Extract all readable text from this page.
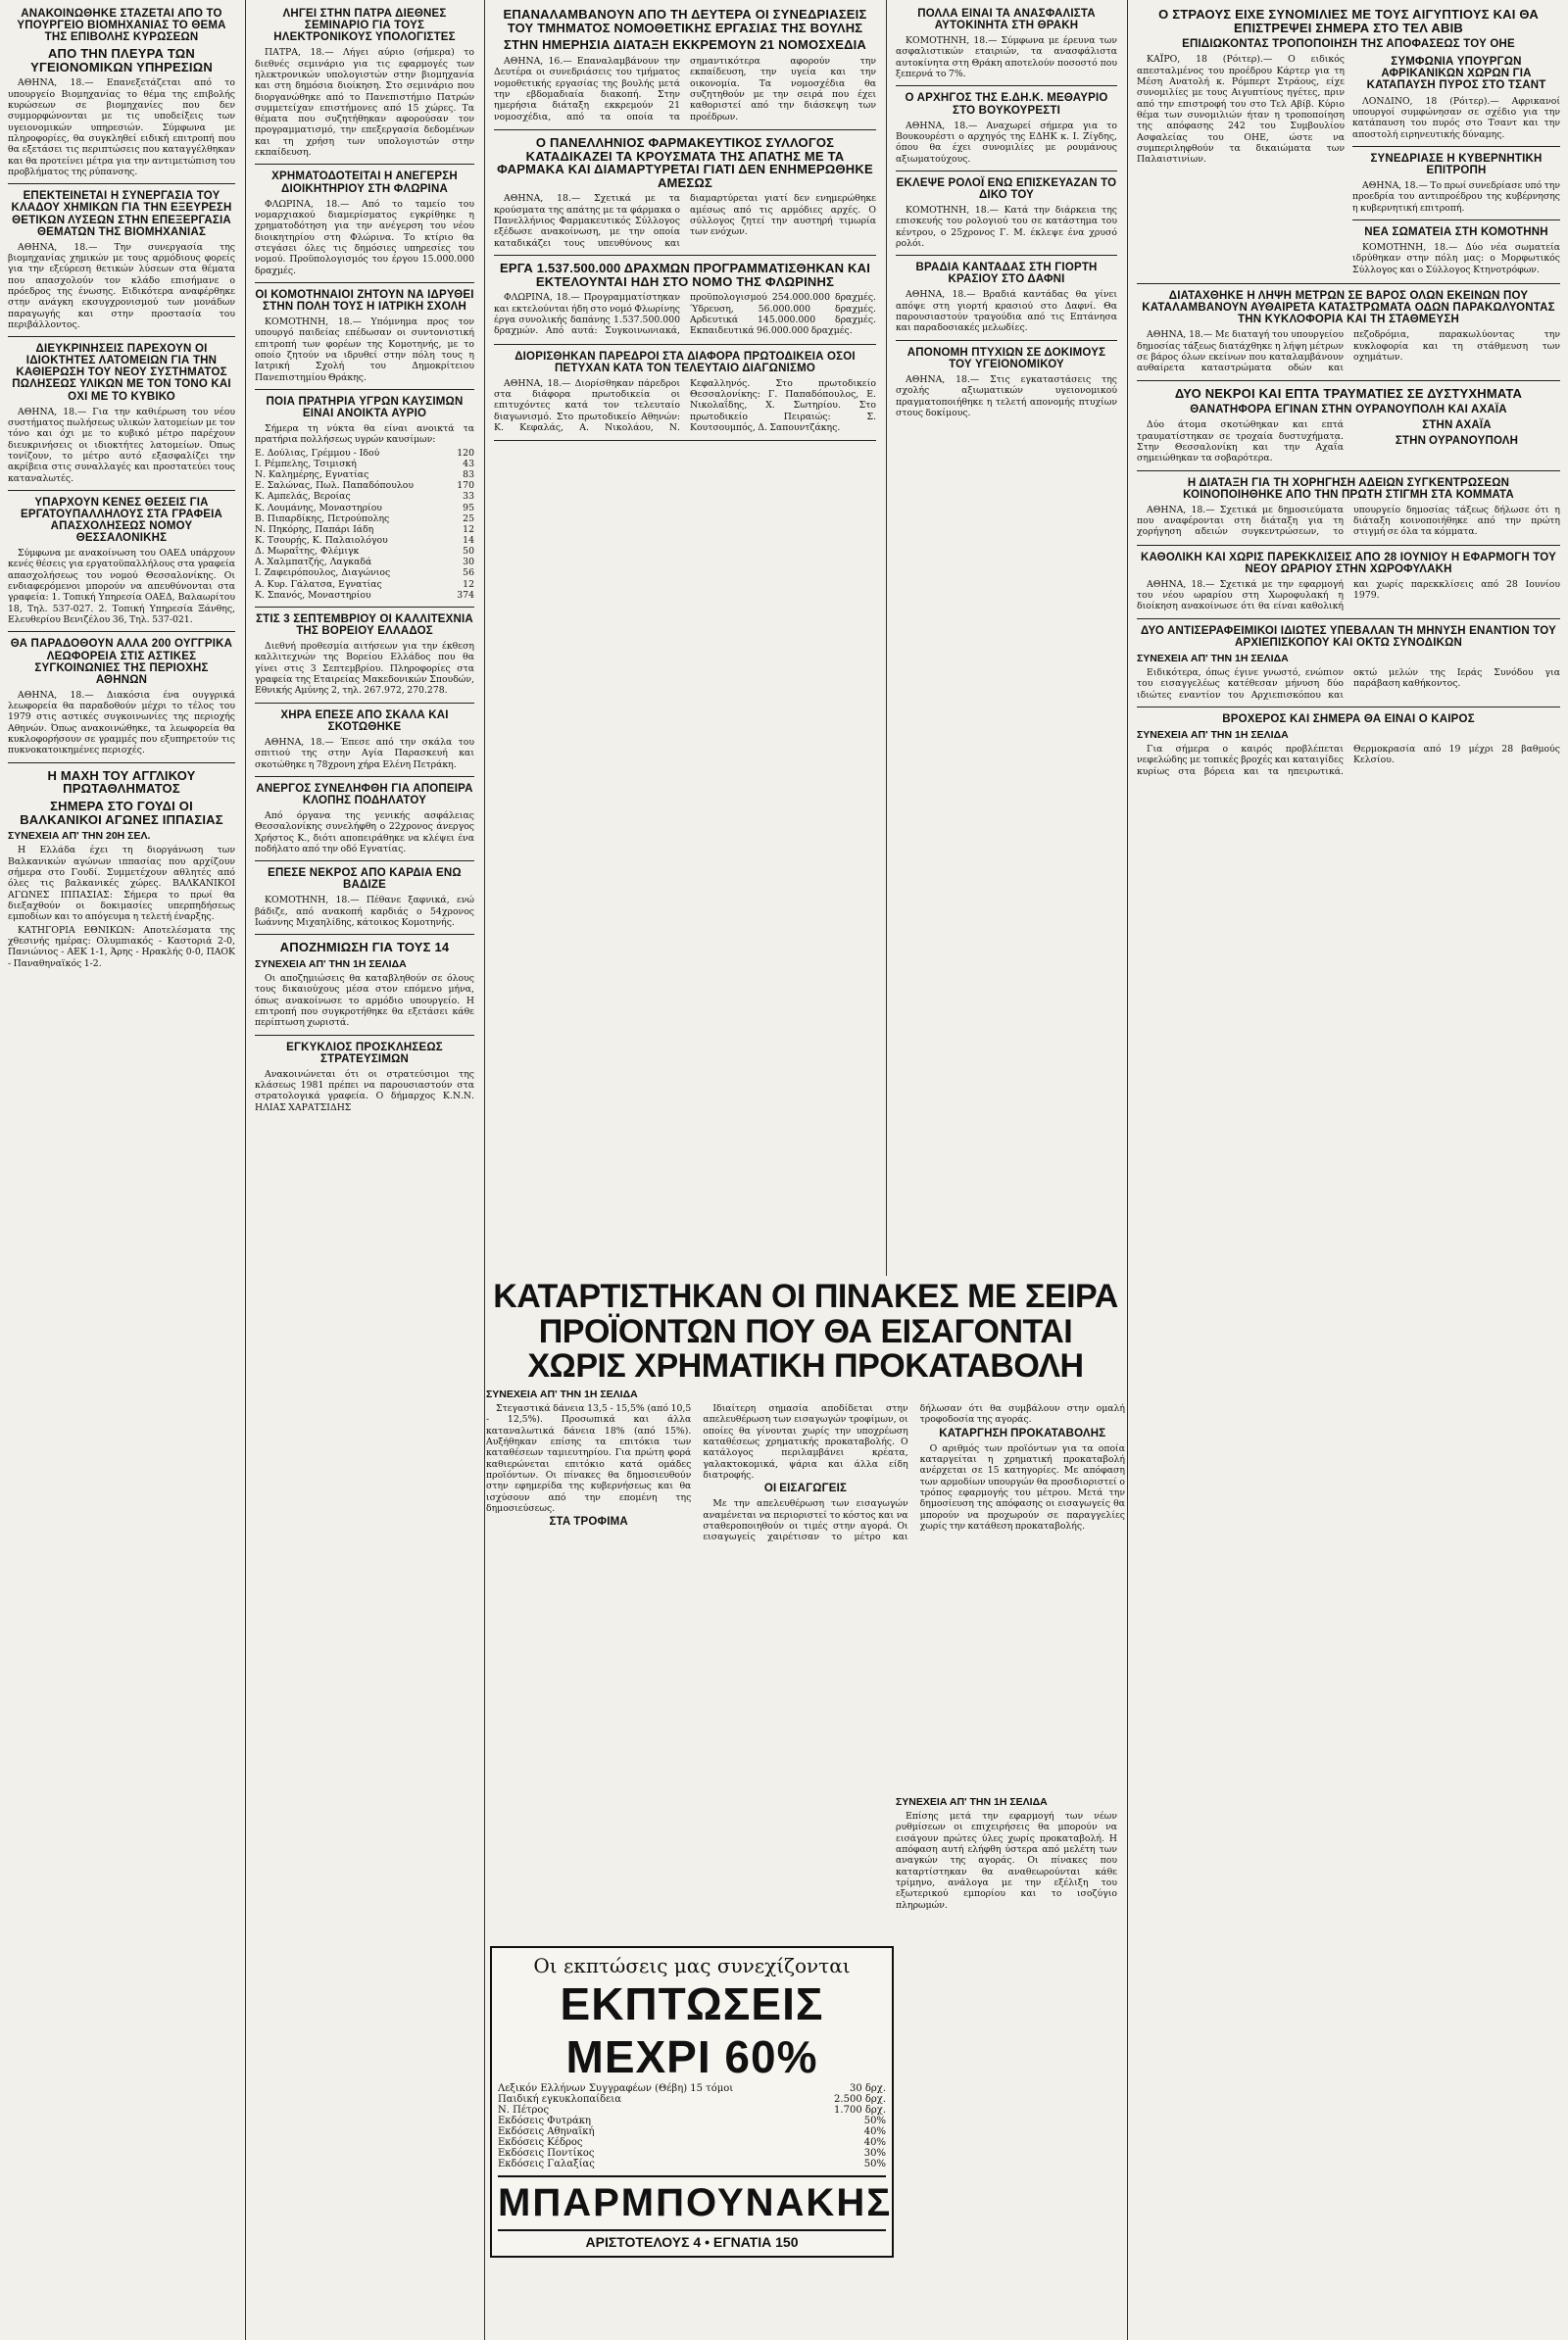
ΑΝΑΚΟΙΝΩΘΗΚΕ ΣΤΑΖΕΤΑΙ ΑΠΟ ΤΟ ΥΠΟΥΡΓΕΙΟ ΒΙΟΜΗΧΑΝΙΑΣ ΤΟ ΘΕΜΑ ΤΗΣ ΕΠΙΒΟΛΗΣ ΚΥΡΩΣΕΩΝ
ΑΠΟ ΤΗΝ ΠΛΕΥΡΑ ΤΩΝ ΥΓΕΙΟΝΟΜΙΚΩΝ ΥΠΗΡΕΣΙΩΝ

ΑΘΗΝΑ, 18.— Επανεξετάζεται από το υπουργείο Βιομηχανίας το θέμα της επιβολής κυρώσεων σε βιομηχανίες που δεν συμμορφώνονται με τις υποδείξεις των υγειονομικών υπηρεσιών. Σύμφωνα με πληροφορίες, θα συγκληθεί ειδική επιτροπή που θα εξετάσει τις περιπτώσεις που καταγγέλθηκαν και θα προτείνει μέτρα για την αντιμετώπιση του προβλήματος της ρύπανσης.

ΕΠΕΚΤΕΙΝΕΤΑΙ Η ΣΥΝΕΡΓΑΣΙΑ ΤΟΥ ΚΛΑΔΟΥ ΧΗΜΙΚΩΝ ΓΙΑ ΤΗΝ ΕΞΕΥΡΕΣΗ ΘΕΤΙΚΩΝ ΛΥΣΕΩΝ ΣΤΗΝ ΕΠΕΞΕΡΓΑΣΙΑ ΘΕΜΑΤΩΝ ΤΗΣ ΒΙΟΜΗΧΑΝΙΑΣ

ΑΘΗΝΑ, 18.— Την συνεργασία της βιομηχανίας χημικών με τους αρμόδιους φορείς για την εξεύρεση θετικών λύσεων στα θέματα που απασχολούν τον κλάδο επισήμανε ο πρόεδρος της ένωσης. Ειδικότερα αναφέρθηκε στην ανάγκη εκσυγχρονισμού των μονάδων παραγωγής και στην προστασία του περιβάλλοντος.

ΔΙΕΥΚΡΙΝΗΣΕΙΣ ΠΑΡΕΧΟΥΝ ΟΙ ΙΔΙΟΚΤΗΤΕΣ ΛΑΤΟΜΕΙΩΝ ΓΙΑ ΤΗΝ ΚΑΘΙΕΡΩΣΗ ΤΟΥ ΝΕΟΥ ΣΥΣΤΗΜΑΤΟΣ ΠΩΛΗΣΕΩΣ ΥΛΙΚΩΝ ΜΕ ΤΟΝ ΤΟΝΟ ΚΑΙ ΟΧΙ ΜΕ ΤΟ ΚΥΒΙΚΟ

ΑΘΗΝΑ, 18.— Για την καθιέρωση του νέου συστήματος πωλήσεως υλικών λατομείων με τον τόνο και όχι με το κυβικό μέτρο παρέχουν διευκρινήσεις οι ιδιοκτήτες λατομείων. Όπως τονίζουν, το μέτρο αυτό εξασφαλίζει την ακρίβεια στις συναλλαγές και προστατεύει τους καταναλωτές.

ΥΠΑΡΧΟΥΝ ΚΕΝΕΣ ΘΕΣΕΙΣ ΓΙΑ ΕΡΓΑΤΟΥΠΑΛΛΗΛΟΥΣ ΣΤΑ ΓΡΑΦΕΙΑ ΑΠΑΣΧΟΛΗΣΕΩΣ ΝΟΜΟΥ ΘΕΣΣΑΛΟΝΙΚΗΣ

Σύμφωνα με ανακοίνωση του ΟΑΕΔ υπάρχουν κενές θέσεις για εργατοϋπαλλήλους στα γραφεία απασχολήσεως του νομού Θεσσαλονίκης. Οι ενδιαφερόμενοι μπορούν να απευθύνονται στα γραφεία: 1. Τοπική Υπηρεσία ΟΑΕΔ, Βαλαωρίτου 18, Τηλ. 537-027. 2. Τοπική Υπηρεσία Ξάνθης, Ελευθερίου Βενιζέλου 36, Τηλ. 537-021.

ΘΑ ΠΑΡΑΔΟΘΟΥΝ ΑΛΛΑ 200 ΟΥΓΓΡΙΚΑ ΛΕΩΦΟΡΕΙΑ ΣΤΙΣ ΑΣΤΙΚΕΣ ΣΥΓΚΟΙΝΩΝΙΕΣ ΤΗΣ ΠΕΡΙΟΧΗΣ ΑΘΗΝΩΝ

ΑΘΗΝΑ, 18.— Διακόσια ένα ουγγρικά λεωφορεία θα παραδοθούν μέχρι το τέλος του 1979 στις αστικές συγκοινωνίες της περιοχής Αθηνών. Όπως ανακοινώθηκε, τα λεωφορεία θα κυκλοφορήσουν σε γραμμές που εξυπηρετούν τις πυκνοκατοικημένες περιοχές.

Η ΜΑΧΗ ΤΟΥ ΑΓΓΛΙΚΟΥ ΠΡΩΤΑΘΛΗΜΑΤΟΣ
ΣΗΜΕΡΑ ΣΤΟ ΓΟΥΔΙ ΟΙ ΒΑΛΚΑΝΙΚΟΙ ΑΓΩΝΕΣ ΙΠΠΑΣΙΑΣ
ΣΥΝΕΧΕΙΑ ΑΠ' ΤΗΝ 20Η ΣΕΛ.

Η Ελλάδα έχει τη διοργάνωση των Βαλκανικών αγώνων ιππασίας που αρχίζουν σήμερα στο Γουδί. Συμμετέχουν αθλητές από όλες τις βαλκανικές χώρες. ΒΑΛΚΑΝΙΚΟΙ ΑΓΩΝΕΣ ΙΠΠΑΣΙΑΣ: Σήμερα το πρωί θα διεξαχθούν οι δοκιμασίες υπερπηδήσεως εμποδίων και το απόγευμα η τελετή έναρξης.

ΚΑΤΗΓΟΡΙΑ ΕΘΝΙΚΩΝ: Αποτελέσματα της χθεσινής ημέρας: Ολυμπιακός - Καστοριά 2-0, Πανιώνιος - ΑΕΚ 1-1, Άρης - Ηρακλής 0-0, ΠΑΟΚ - Παναθηναϊκός 1-2.

ΛΗΓΕΙ ΣΤΗΝ ΠΑΤΡΑ ΔΙΕΘΝΕΣ ΣΕΜΙΝΑΡΙΟ ΓΙΑ ΤΟΥΣ ΗΛΕΚΤΡΟΝΙΚΟΥΣ ΥΠΟΛΟΓΙΣΤΕΣ

ΠΑΤΡΑ, 18.— Λήγει αύριο (σήμερα) το διεθνές σεμινάριο για τις εφαρμογές των ηλεκτρονικών υπολογιστών στην βιομηχανία και στη δημόσια διοίκηση. Στο σεμινάριο που διοργανώθηκε από το Πανεπιστήμιο Πατρών συμμετείχαν επιστήμονες από 15 χώρες. Τα θέματα που συζητήθηκαν αφορούσαν τον προγραμματισμό, την επεξεργασία δεδομένων και τη χρήση των υπολογιστών στην εκπαίδευση.

ΧΡΗΜΑΤΟΔΟΤΕΙΤΑΙ Η ΑΝΕΓΕΡΣΗ ΔΙΟΙΚΗΤΗΡΙΟΥ ΣΤΗ ΦΛΩΡΙΝΑ

ΦΛΩΡΙΝΑ, 18.— Από το ταμείο του νομαρχιακού διαμερίσματος εγκρίθηκε η χρηματοδότηση για την ανέγερση του νέου διοικητηρίου στη Φλώρινα. Το κτίριο θα στεγάσει όλες τις δημόσιες υπηρεσίες του νομού. Προϋπολογισμός του έργου 15.000.000 δραχμές.

ΟΙ ΚΟΜΟΤΗΝΑΙΟΙ ΖΗΤΟΥΝ ΝΑ ΙΔΡΥΘΕΙ ΣΤΗΝ ΠΟΛΗ ΤΟΥΣ Η ΙΑΤΡΙΚΗ ΣΧΟΛΗ

ΚΟΜΟΤΗΝΗ, 18.— Υπόμνημα προς τον υπουργό παιδείας επέδωσαν οι συντονιστική επιτροπή των φορέων της Κομοτηνής, με το οποίο ζητούν να ιδρυθεί στην πόλη τους η Ιατρική Σχολή του Δημοκρίτειου Πανεπιστημίου Θράκης.

ΠΟΙΑ ΠΡΑΤΗΡΙΑ ΥΓΡΩΝ ΚΑΥΣΙΜΩΝ ΕΙΝΑΙ ΑΝΟΙΚΤΑ ΑΥΡΙΟ

Σήμερα τη νύκτα θα είναι ανοικτά τα πρατήρια πολλήσεως υγρών καυσίμων:

Ε. Δούλιας, Γρέμμου - Ιδού	120
Ι. Ρέμπελης, Τσιμισκή	43
Ν. Καλημέρης, Εγνατίας	83
Ε. Σαλώνας, Πωλ. Παπαδόπουλου	170
Κ. Αμπελάς, Βεροίας	33
Κ. Λουμάνης, Μοναστηρίου	95
Β. Πιπαρδίκης, Πετρούπολης	25
Ν. Πηκόρης, Παπάρι Ιάδη	12
Κ. Τσουρής, Κ. Παλαιολόγου	14
Δ. Μωραΐτης, Φλέμιγκ	50
Α. Χαλμπατζής, Λαγκαδά	30
Ι. Ζαφειρόπουλος, Διαγώνιος	56
Α. Κυρ. Γάλατσα, Εγνατίας	12
Κ. Σπανός, Μοναστηρίου	374
ΣΤΙΣ 3 ΣΕΠΤΕΜΒΡΙΟΥ ΟΙ ΚΑΛΛΙΤΕΧΝΙΑ ΤΗΣ ΒΟΡΕΙΟΥ ΕΛΛΑΔΟΣ

Διεθνή προθεσμία αιτήσεων για την έκθεση καλλιτεχνών της Βορείου Ελλάδος που θα γίνει στις 3 Σεπτεμβρίου. Πληροφορίες στα γραφεία της Εταιρείας Μακεδονικών Σπουδών, Εθνικής Αμύνης 2, τηλ. 267.972, 270.278.

ΧΗΡΑ ΕΠΕΣΕ ΑΠΟ ΣΚΑΛΑ ΚΑΙ ΣΚΟΤΩΘΗΚΕ

ΑΘΗΝΑ, 18.— Έπεσε από την σκάλα του σπιτιού της στην Αγία Παρασκευή και σκοτώθηκε η 78χρονη χήρα Ελένη Πετράκη.

ΑΝΕΡΓΟΣ ΣΥΝΕΛΗΦΘΗ ΓΙΑ ΑΠΟΠΕΙΡΑ ΚΛΟΠΗΣ ΠΟΔΗΛΑΤΟΥ

Από όργανα της γενικής ασφάλειας Θεσσαλονίκης συνελήφθη ο 22χρονος άνεργος Χρήστος Κ., διότι αποπειράθηκε να κλέψει ένα ποδήλατο από την οδό Εγνατίας.

ΕΠΕΣΕ ΝΕΚΡΟΣ ΑΠΟ ΚΑΡΔΙΑ ΕΝΩ ΒΑΔΙΖΕ

ΚΟΜΟΤΗΝΗ, 18.— Πέθανε ξαφνικά, ενώ βάδιζε, από ανακοπή καρδιάς ο 54χρονος Ιωάννης Μιχαηλίδης, κάτοικος Κομοτηνής.

ΑΠΟΖΗΜΙΩΣΗ ΓΙΑ ΤΟΥΣ 14
ΣΥΝΕΧΕΙΑ ΑΠ' ΤΗΝ 1Η ΣΕΛΙΔΑ

Οι αποζημιώσεις θα καταβληθούν σε όλους τους δικαιούχους μέσα στον επόμενο μήνα, όπως ανακοίνωσε το αρμόδιο υπουργείο. Η επιτροπή που συγκροτήθηκε θα εξετάσει κάθε περίπτωση χωριστά.

ΕΓΚΥΚΛΙΟΣ ΠΡΟΣΚΛΗΣΕΩΣ ΣΤΡΑΤΕΥΣΙΜΩΝ

Ανακοινώνεται ότι οι στρατεύσιμοι της κλάσεως 1981 πρέπει να παρουσιαστούν στα στρατολογικά γραφεία. Ο δήμαρχος Κ.Ν.Ν. ΗΛΙΑΣ ΧΑΡΑΤΣΙΔΗΣ

ΕΠΑΝΑΛΑΜΒΑΝΟΥΝ ΑΠΟ ΤΗ ΔΕΥΤΕΡΑ ΟΙ ΣΥΝΕΔΡΙΑΣΕΙΣ ΤΟΥ ΤΜΗΜΑΤΟΣ ΝΟΜΟΘΕΤΙΚΗΣ ΕΡΓΑΣΙΑΣ ΤΗΣ ΒΟΥΛΗΣ
ΣΤΗΝ ΗΜΕΡΗΣΙΑ ΔΙΑΤΑΞΗ ΕΚΚΡΕΜΟΥΝ 21 ΝΟΜΟΣΧΕΔΙΑ

ΑΘΗΝΑ, 16.— Επαναλαμβάνουν την Δευτέρα οι συνεδριάσεις του τμήματος νομοθετικής εργασίας της βουλής μετά την εβδομαδιαία διακοπή. Στην ημερήσια διάταξη εκκρεμούν 21 νομοσχέδια, από τα οποία τα σημαντικότερα αφορούν την εκπαίδευση, την υγεία και την οικονομία. Τα νομοσχέδια θα συζητηθούν με την σειρά που έχει καθοριστεί από την διάσκεψη των προέδρων.

Ο ΠΑΝΕΛΛΗΝΙΟΣ ΦΑΡΜΑΚΕΥΤΙΚΟΣ ΣΥΛΛΟΓΟΣ ΚΑΤΑΔΙΚΑΖΕΙ ΤΑ ΚΡΟΥΣΜΑΤΑ ΤΗΣ ΑΠΑΤΗΣ ΜΕ ΤΑ ΦΑΡΜΑΚΑ ΚΑΙ ΔΙΑΜΑΡΤΥΡΕΤΑΙ ΓΙΑΤΙ ΔΕΝ ΕΝΗΜΕΡΩΘΗΚΕ ΑΜΕΣΩΣ

ΑΘΗΝΑ, 18.— Σχετικά με τα κρούσματα της απάτης με τα φάρμακα ο Πανελλήνιος Φαρμακευτικός Σύλλογος εξέδωσε ανακοίνωση, με την οποία καταδικάζει τους υπευθύνους και διαμαρτύρεται γιατί δεν ενημερώθηκε αμέσως από τις αρμόδιες αρχές. Ο σύλλογος ζητεί την αυστηρή τιμωρία των ενόχων.

ΕΡΓΑ 1.537.500.000 ΔΡΑΧΜΩΝ ΠΡΟΓΡΑΜΜΑΤΙΣΘΗΚΑΝ ΚΑΙ ΕΚΤΕΛΟΥΝΤΑΙ ΗΔΗ ΣΤΟ ΝΟΜΟ ΤΗΣ ΦΛΩΡΙΝΗΣ

ΦΛΩΡΙΝΑ, 18.— Προγραμματίστηκαν και εκτελούνται ήδη στο νομό Φλωρίνης έργα συνολικής δαπάνης 1.537.500.000 δραχμών. Από αυτά: Συγκοινωνιακά, προϋπολογισμού 254.000.000 δραχμές. Ύδρευση, 56.000.000 δραχμές. Αρδευτικά 145.000.000 δραχμές. Εκπαιδευτικά 96.000.000 δραχμές.

ΔΙΟΡΙΣΘΗΚΑΝ ΠΑΡΕΔΡΟΙ ΣΤΑ ΔΙΑΦΟΡΑ ΠΡΩΤΟΔΙΚΕΙΑ ΟΣΟΙ ΠΕΤΥΧΑΝ ΚΑΤΑ ΤΟΝ ΤΕΛΕΥΤΑΙΟ ΔΙΑΓΩΝΙΣΜΟ

ΑΘΗΝΑ, 18.— Διορίσθηκαν πάρεδροι στα διάφορα πρωτοδικεία οι επιτυχόντες κατά τον τελευταίο διαγωνισμό. Στο πρωτοδικείο Αθηνών: Κ. Κεφαλάς, Α. Νικολάου, Ν. Κεφαλληνός. Στο πρωτοδικείο Θεσσαλονίκης: Γ. Παπαδόπουλος, Ε. Νικολαΐδης, Χ. Σωτηρίου. Στο πρωτοδικείο Πειραιώς: Σ. Κουτσουμπός, Δ. Σαπουντζάκης.

ΚΑΤΑΡΤΙΣΤΗΚΑΝ ΟΙ ΠΙΝΑΚΕΣ ΜΕ ΣΕΙΡΑ ΠΡΟΪΟΝΤΩΝ ΠΟΥ ΘΑ ΕΙΣΑΓΟΝΤΑΙ ΧΩΡΙΣ ΧΡΗΜΑΤΙΚΗ ΠΡΟΚΑΤΑΒΟΛΗ
ΣΥΝΕΧΕΙΑ ΑΠ' ΤΗΝ 1Η ΣΕΛΙΔΑ

Στεγαστικά δάνεια 13,5 - 15,5% (από 10,5 - 12,5%). Προσωπικά και άλλα καταναλωτικά δάνεια 18% (από 15%). Αυξήθηκαν επίσης τα επιτόκια των καταθέσεων ταμιευτηρίου. Για πρώτη φορά καθιερώνεται επιτόκιο κατά ομάδες προϊόντων. Οι πίνακες θα δημοσιευθούν στην εφημερίδα της κυβερνήσεως και θα ισχύσουν από την επομένη της δημοσιεύσεως.

ΣΤΑ ΤΡΟΦΙΜΑ

Ιδιαίτερη σημασία αποδίδεται στην απελευθέρωση των εισαγωγών τροφίμων, οι οποίες θα γίνονται χωρίς την υποχρέωση καταθέσεως χρηματικής προκαταβολής. Ο κατάλογος περιλαμβάνει κρέατα, γαλακτοκομικά, ψάρια και άλλα είδη διατροφής.

ΟΙ ΕΙΣΑΓΩΓΕΙΣ

Με την απελευθέρωση των εισαγωγών αναμένεται να περιοριστεί το κόστος και να σταθεροποιηθούν οι τιμές στην αγορά. Οι εισαγωγείς χαιρέτισαν το μέτρο και δήλωσαν ότι θα συμβάλουν στην ομαλή τροφοδοσία της αγοράς.

ΚΑΤΑΡΓΗΣΗ ΠΡΟΚΑΤΑΒΟΛΗΣ

Ο αριθμός των προϊόντων για τα οποία καταργείται η χρηματική προκαταβολή ανέρχεται σε 15 κατηγορίες. Με απόφαση των αρμοδίων υπουργών θα προσδιοριστεί ο τρόπος εφαρμογής του μέτρου. Μετά την δημοσίευση της απόφασης οι εισαγωγείς θα μπορούν να προχωρούν σε παραγγελίες χωρίς την κατάθεση προκαταβολής.

Οι εκπτώσεις μας συνεχίζονται
ΕΚΠΤΩΣΕΙΣ ΜΕΧΡΙ 60%
Λεξικόν Ελλήνων Συγγραφέων (Θέβη) 15 τόμοι	30 δρχ.
Παιδική εγκυκλοπαίδεια	2.500 δρχ.
Ν. Πέτρος	1.700 δρχ.
Εκδόσεις Φυτράκη	50%
Εκδόσεις Αθηναϊκή	40%
Εκδόσεις Κέδρος	40%
Εκδόσεις Ποντίκος	30%
Εκδόσεις Γαλαξίας	50%
ΜΠΑΡΜΠΟΥΝΑΚΗΣ
ΑΡΙΣΤΟΤΕΛΟΥΣ 4 • ΕΓΝΑΤΙΑ 150
ΠΟΛΛΑ ΕΙΝΑΙ ΤΑ ΑΝΑΣΦΑΛΙΣΤΑ ΑΥΤΟΚΙΝΗΤΑ ΣΤΗ ΘΡΑΚΗ

ΚΟΜΟΤΗΝΗ, 18.— Σύμφωνα με έρευνα των ασφαλιστικών εταιριών, τα ανασφάλιστα αυτοκίνητα στη Θράκη αποτελούν ποσοστό που ξεπερνά το 7%.

Ο ΑΡΧΗΓΟΣ ΤΗΣ Ε.ΔΗ.Κ. ΜΕΘΑΥΡΙΟ ΣΤΟ ΒΟΥΚΟΥΡΕΣΤΙ

ΑΘΗΝΑ, 18.— Αναχωρεί σήμερα για το Βουκουρέστι ο αρχηγός της ΕΔΗΚ κ. Ι. Ζίγδης, όπου θα έχει συνομιλίες με ρουμάνους αξιωματούχους.

ΕΚΛΕΨΕ ΡΟΛΟΪ ΕΝΩ ΕΠΙΣΚΕΥΑΖΑΝ ΤΟ ΔΙΚΟ ΤΟΥ

ΚΟΜΟΤΗΝΗ, 18.— Κατά την διάρκεια της επισκευής του ρολογιού του σε κατάστημα του κέντρου, ο 25χρονος Γ. Μ. έκλεψε ένα χρυσό ρολόι.

ΒΡΑΔΙΑ ΚΑΝΤΑΔΑΣ ΣΤΗ ΓΙΟΡΤΗ ΚΡΑΣΙΟΥ ΣΤΟ ΔΑΦΝΙ

ΑΘΗΝΑ, 18.— Βραδιά καντάδας θα γίνει απόψε στη γιορτή κρασιού στο Δαφνί. Θα παρουσιαστούν τραγούδια από τις Επτάνησα και παραδοσιακές μελωδίες.

ΑΠΟΝΟΜΗ ΠΤΥΧΙΩΝ ΣΕ ΔΟΚΙΜΟΥΣ ΤΟΥ ΥΓΕΙΟΝΟΜΙΚΟΥ

ΑΘΗΝΑ, 18.— Στις εγκαταστάσεις της σχολής αξιωματικών υγειονομικού πραγματοποιήθηκε η τελετή απονομής πτυχίων στους δοκίμους.

ΣΥΝΕΧΕΙΑ ΑΠ' ΤΗΝ 1Η ΣΕΛΙΔΑ

Επίσης μετά την εφαρμογή των νέων ρυθμίσεων οι επιχειρήσεις θα μπορούν να εισάγουν πρώτες ύλες χωρίς προκαταβολή. Η απόφαση αυτή ελήφθη ύστερα από μελέτη των αναγκών της αγοράς. Οι πίνακες που καταρτίστηκαν θα αναθεωρούνται κάθε τρίμηνο, ανάλογα με την εξέλιξη του εξωτερικού εμπορίου και το ισοζύγιο πληρωμών.

Ο ΣΤΡΑΟΥΣ ΕΙΧΕ ΣΥΝΟΜΙΛΙΕΣ ΜΕ ΤΟΥΣ ΑΙΓΥΠΤΙΟΥΣ ΚΑΙ ΘΑ ΕΠΙΣΤΡΕΨΕΙ ΣΗΜΕΡΑ ΣΤΟ ΤΕΛ ΑΒΙΒ
ΕΠΙΔΙΩΚΟΝΤΑΣ ΤΡΟΠΟΠΟΙΗΣΗ ΤΗΣ ΑΠΟΦΑΣΕΩΣ ΤΟΥ ΟΗΕ

ΚΑΪΡΟ, 18 (Ρόιτερ).— Ο ειδικός απεσταλμένος του προέδρου Κάρτερ για τη Μέση Ανατολή κ. Ρόμπερτ Στράους, είχε συνομιλίες με τους Αιγυπτίους ηγέτες, πριν από την επιστροφή του στο Τελ Αβίβ. Κύριο θέμα των συνομιλιών ήταν η τροποποίηση της απόφασης 242 του Συμβουλίου Ασφαλείας του ΟΗΕ, ώστε να συμπεριληφθούν τα δικαιώματα των Παλαιστινίων.

ΣΥΜΦΩΝΙΑ ΥΠΟΥΡΓΩΝ ΑΦΡΙΚΑΝΙΚΩΝ ΧΩΡΩΝ ΓΙΑ ΚΑΤΑΠΑΥΣΗ ΠΥΡΟΣ ΣΤΟ ΤΣΑΝΤ

ΛΟΝΔΙΝΟ, 18 (Ρόιτερ).— Αφρικανοί υπουργοί συμφώνησαν σε σχέδιο για την κατάπαυση του πυρός στο Τσαντ και την αποστολή ειρηνευτικής δύναμης.

ΣΥΝΕΔΡΙΑΣΕ Η ΚΥΒΕΡΝΗΤΙΚΗ ΕΠΙΤΡΟΠΗ

ΑΘΗΝΑ, 18.— Το πρωί συνεδρίασε υπό την προεδρία του αντιπροέδρου της κυβέρνησης η κυβερνητική επιτροπή.

ΝΕΑ ΣΩΜΑΤΕΙΑ ΣΤΗ ΚΟΜΟΤΗΝΗ

ΚΟΜΟΤΗΝΗ, 18.— Δύο νέα σωματεία ιδρύθηκαν στην πόλη μας: ο Μορφωτικός Σύλλογος και ο Σύλλογος Κτηνοτρόφων.

ΔΙΑΤΑΧΘΗΚΕ Η ΛΗΨΗ ΜΕΤΡΩΝ ΣΕ ΒΑΡΟΣ ΟΛΩΝ ΕΚΕΙΝΩΝ ΠΟΥ ΚΑΤΑΛΑΜΒΑΝΟΥΝ ΑΥΘΑΙΡΕΤΑ ΚΑΤΑΣΤΡΩΜΑΤΑ ΟΔΩΝ ΠΑΡΑΚΩΛΥΟΝΤΑΣ ΤΗΝ ΚΥΚΛΟΦΟΡΙΑ ΚΑΙ ΤΗ ΣΤΑΘΜΕΥΣΗ

ΑΘΗΝΑ, 18.— Με διαταγή του υπουργείου δημοσίας τάξεως διατάχθηκε η λήψη μέτρων σε βάρος όλων εκείνων που καταλαμβάνουν αυθαίρετα καταστρώματα οδών και πεζοδρόμια, παρακωλύοντας την κυκλοφορία και τη στάθμευση των οχημάτων.

ΔΥΟ ΝΕΚΡΟΙ ΚΑΙ ΕΠΤΑ ΤΡΑΥΜΑΤΙΕΣ ΣΕ ΔΥΣΤΥΧΗΜΑΤΑ
ΘΑΝΑΤΗΦΟΡΑ ΕΓΙΝΑΝ ΣΤΗΝ ΟΥΡΑΝΟΥΠΟΛΗ ΚΑΙ ΑΧΑΪΑ

Δύο άτομα σκοτώθηκαν και επτά τραυματίστηκαν σε τροχαία δυστυχήματα. Στην Θεσσαλονίκη και την Αχαΐα σημειώθηκαν τα σοβαρότερα.

ΣΤΗΝ ΑΧΑΪΑ
ΣΤΗΝ ΟΥΡΑΝΟΥΠΟΛΗ
Η ΔΙΑΤΑΞΗ ΓΙΑ ΤΗ ΧΟΡΗΓΗΣΗ ΑΔΕΙΩΝ ΣΥΓΚΕΝΤΡΩΣΕΩΝ ΚΟΙΝΟΠΟΙΗΘΗΚΕ ΑΠΟ ΤΗΝ ΠΡΩΤΗ ΣΤΙΓΜΗ ΣΤΑ ΚΟΜΜΑΤΑ

ΑΘΗΝΑ, 18.— Σχετικά με δημοσιεύματα που αναφέρονται στη διάταξη για τη χορήγηση αδειών συγκεντρώσεων, το υπουργείο δημοσίας τάξεως δήλωσε ότι η διάταξη κοινοποιήθηκε από την πρώτη στιγμή σε όλα τα κόμματα.

ΚΑΘΟΛΙΚΗ ΚΑΙ ΧΩΡΙΣ ΠΑΡΕΚΚΛΙΣΕΙΣ ΑΠΟ 28 ΙΟΥΝΙΟΥ Η ΕΦΑΡΜΟΓΗ ΤΟΥ ΝΕΟΥ ΩΡΑΡΙΟΥ ΣΤΗΝ ΧΩΡΟΦΥΛΑΚΗ

ΑΘΗΝΑ, 18.— Σχετικά με την εφαρμογή του νέου ωραρίου στη Χωροφυλακή η διοίκηση ανακοίνωσε ότι θα είναι καθολική και χωρίς παρεκκλίσεις από 28 Ιουνίου 1979.

ΔΥΟ ΑΝΤΙΣΕΡΑΦΕΙΜΙΚΟΙ ΙΔΙΩΤΕΣ ΥΠΕΒΑΛΑΝ ΤΗ ΜΗΝΥΣΗ ΕΝΑΝΤΙΟΝ ΤΟΥ ΑΡΧΙΕΠΙΣΚΟΠΟΥ ΚΑΙ ΟΚΤΩ ΣΥΝΟΔΙΚΩΝ
ΣΥΝΕΧΕΙΑ ΑΠ' ΤΗΝ 1Η ΣΕΛΙΔΑ

Ειδικότερα, όπως έγινε γνωστό, ενώπιον του εισαγγελέως κατέθεσαν μήνυση δύο ιδιώτες εναντίον του Αρχιεπισκόπου και οκτώ μελών της Ιεράς Συνόδου για παράβαση καθήκοντος.

ΒΡΟΧΕΡΟΣ ΚΑΙ ΣΗΜΕΡΑ ΘΑ ΕΙΝΑΙ Ο ΚΑΙΡΟΣ
ΣΥΝΕΧΕΙΑ ΑΠ' ΤΗΝ 1Η ΣΕΛΙΔΑ

Για σήμερα ο καιρός προβλέπεται νεφελώδης με τοπικές βροχές και καταιγίδες κυρίως στα βόρεια και τα ηπειρωτικά. Θερμοκρασία από 19 μέχρι 28 βαθμούς Κελσίου.
